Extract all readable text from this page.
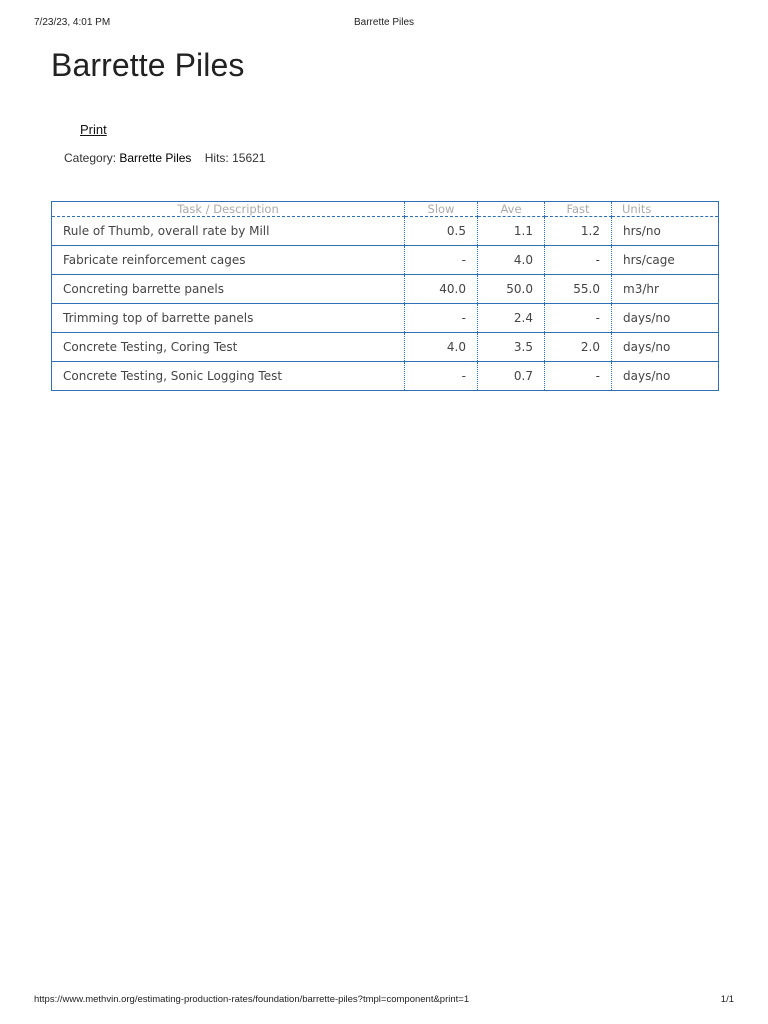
7/23/23, 4:01 PM	Barrette Piles
Barrette Piles
Print
Category: Barrette Piles Hits: 15621
Task / Description	Slow	Ave	Fast	Units
Rule of Thumb, overall rate by Mill	0.5	1.1	1.2	hrs/no
Fabricate reinforcement cages	-	4.0	-	hrs/cage
Concreting barrette panels	40.0	50.0	55.0	m3/hr
Trimming top of barrette panels	-	2.4	-	days/no
Concrete Testing, Coring Test	4.0	3.5	2.0	days/no
Concrete Testing, Sonic Logging Test	-	0.7	-	days/no
https://www.methvin.org/estimating-production-rates/foundation/barrette-piles?tmpl=component&print=1	1/1
